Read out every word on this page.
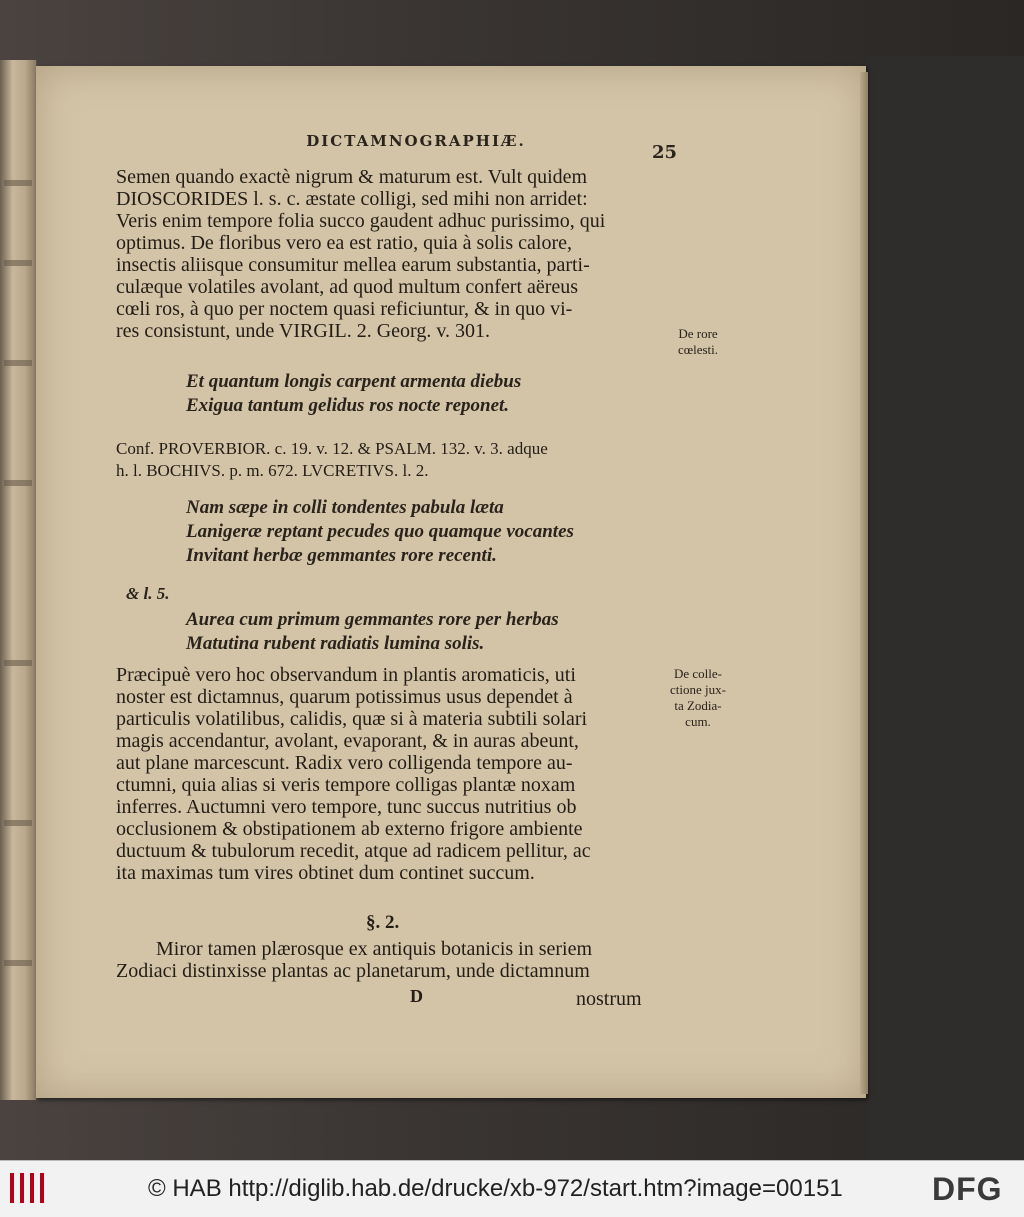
DICTAMNOGRAPHIÆ.
25

Semen quando exactè nigrum & maturum est. Vult quidem

DIOSCORIDES l. s. c. æstate colligi, sed mihi non arridet:

Veris enim tempore folia succo gaudent adhuc purissimo, qui

optimus. De floribus vero ea est ratio, quia à solis calore,

insectis aliisque consumitur mellea earum substantia, parti-

culæque volatiles avolant, ad quod multum confert aëreus

cœli ros, à quo per noctem quasi reficiuntur, & in quo vi-

res consistunt, unde VIRGIL. 2. Georg. v. 301.	De rore
cœlesti.

Et quantum longis carpent armenta diebus

Exigua tantum gelidus ros nocte reponet.

Conf. PROVERBIOR. c. 19. v. 12. & PSALM. 132. v. 3. adque

h. l. BOCHIVS. p. m. 672. LVCRETIVS. l. 2.

Nam sæpe in colli tondentes pabula læta

Lanigeræ reptant pecudes quo quamque vocantes

Invitant herbæ gemmantes rore recenti.

& l. 5.

Aurea cum primum gemmantes rore per herbas

Matutina rubent radiatis lumina solis.

Præcipuè vero hoc observandum in plantis aromaticis, uti

noster est dictamnus, quarum potissimus usus dependet à

particulis volatilibus, calidis, quæ si à materia subtili solari

magis accendantur, avolant, evaporant, & in auras abeunt,

aut plane marcescunt. Radix vero colligenda tempore au-

ctumni, quia alias si veris tempore colligas plantæ noxam

inferres. Auctumni vero tempore, tunc succus nutritius ob

occlusionem & obstipationem ab externo frigore ambiente

ductuum & tubulorum recedit, atque ad radicem pellitur, ac

ita maximas tum vires obtinet dum continet succum.

De colle-
ctione jux-
ta Zodia-
cum.
§. 2.

Miror tamen plærosque ex antiquis botanicis in seriem

Zodiaci distinxisse plantas ac planetarum, unde dictamnum

D	nostrum
© HAB http://diglib.hab.de/drucke/xb-972/start.htm?image=00151	DFG
